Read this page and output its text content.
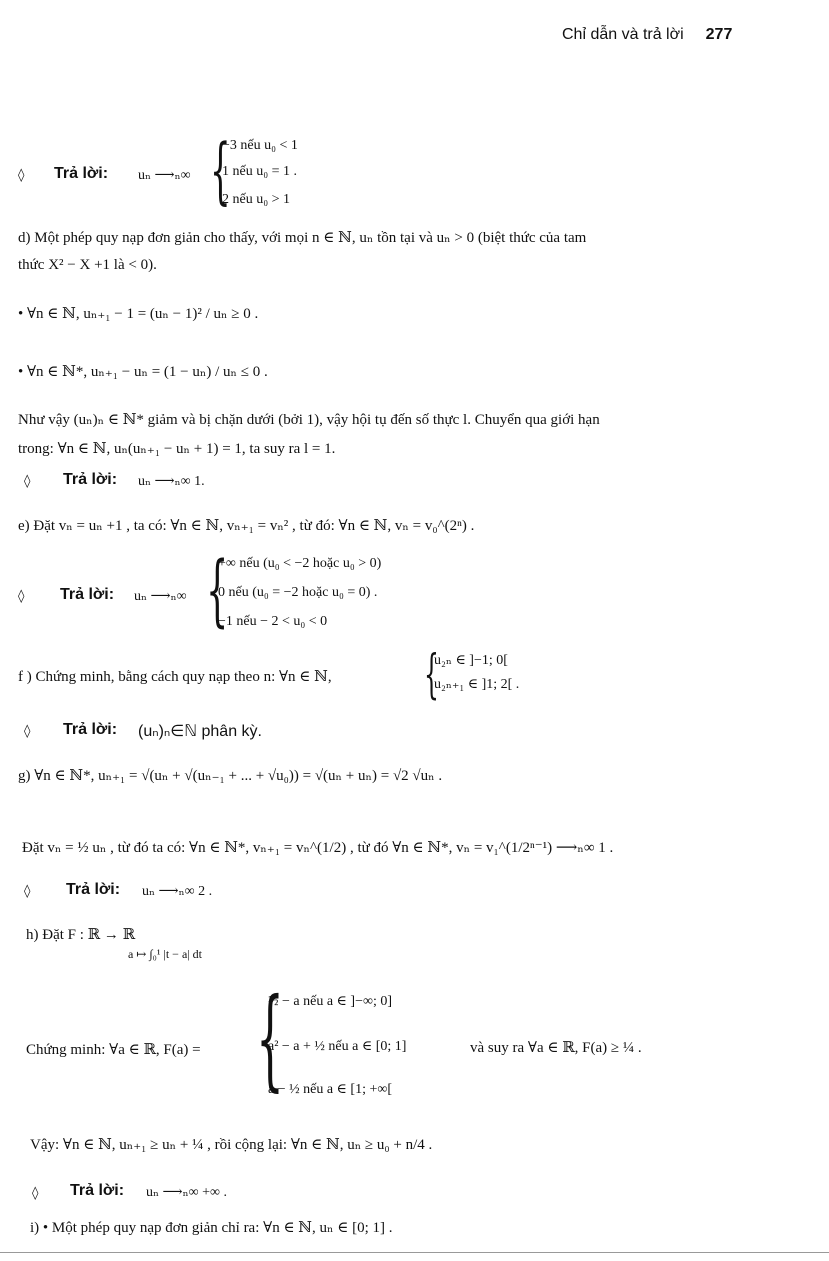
Chỉ dẫn và trả lời 277
◊ Trả lời: uₙ ⟶ₙ∞ {
−3 nếu u₀ < 1
1 nếu u₀ = 1 .
2 nếu u₀ > 1
d) Một phép quy nạp đơn giản cho thấy, với mọi n ∈ ℕ, uₙ tồn tại và uₙ > 0 (biệt thức của tam
thức X² − X +1 là < 0).
• ∀n ∈ ℕ, uₙ₊₁ − 1 = (uₙ − 1)² / uₙ ≥ 0 .
• ∀n ∈ ℕ*, uₙ₊₁ − uₙ = (1 − uₙ) / uₙ ≤ 0 .
Như vậy (uₙ)ₙ ∈ ℕ* giảm và bị chặn dưới (bởi 1), vậy hội tụ đến số thực l. Chuyển qua giới hạn
trong: ∀n ∈ ℕ, uₙ(uₙ₊₁ − uₙ + 1) = 1, ta suy ra l = 1.
◊ Trả lời: uₙ ⟶ₙ∞ 1.
e) Đặt vₙ = uₙ +1 , ta có: ∀n ∈ ℕ, vₙ₊₁ = vₙ² , từ đó: ∀n ∈ ℕ, vₙ = v₀^(2ⁿ) .
◊ Trả lời: uₙ ⟶ₙ∞ {
+∞ nếu (u₀ < −2 hoặc u₀ > 0)
0 nếu (u₀ = −2 hoặc u₀ = 0) .
−1 nếu − 2 < u₀ < 0
f ) Chứng minh, bằng cách quy nạp theo n: ∀n ∈ ℕ, {
u₂ₙ ∈ ]−1; 0[
u₂ₙ₊₁ ∈ ]1; 2[ .
◊ Trả lời: (uₙ)ₙ∈ℕ phân kỳ.
g) ∀n ∈ ℕ*, uₙ₊₁ = √(uₙ + √(uₙ₋₁ + ... + √u₀)) = √(uₙ + uₙ) = √2 √uₙ .
Đặt vₙ = ½ uₙ , từ đó ta có: ∀n ∈ ℕ*, vₙ₊₁ = vₙ^(1/2) , từ đó ∀n ∈ ℕ*, vₙ = v₁^(1/2ⁿ⁻¹) ⟶ₙ∞ 1 .
◊ Trả lời: uₙ ⟶ₙ∞ 2 .
h) Đặt F : ℝ → ℝ
a ↦ ∫₀¹ |t − a| dt
Chứng minh: ∀a ∈ ℝ, F(a) = {
½ − a nếu a ∈ ]−∞; 0]
a² − a + ½ nếu a ∈ [0; 1]
a − ½ nếu a ∈ [1; +∞[
và suy ra ∀a ∈ ℝ, F(a) ≥ ¼ .
Vậy: ∀n ∈ ℕ, uₙ₊₁ ≥ uₙ + ¼ , rồi cộng lại: ∀n ∈ ℕ, uₙ ≥ u₀ + n/4 .
◊ Trả lời: uₙ ⟶ₙ∞ +∞ .
i) • Một phép quy nạp đơn giản chỉ ra: ∀n ∈ ℕ, uₙ ∈ [0; 1] .
